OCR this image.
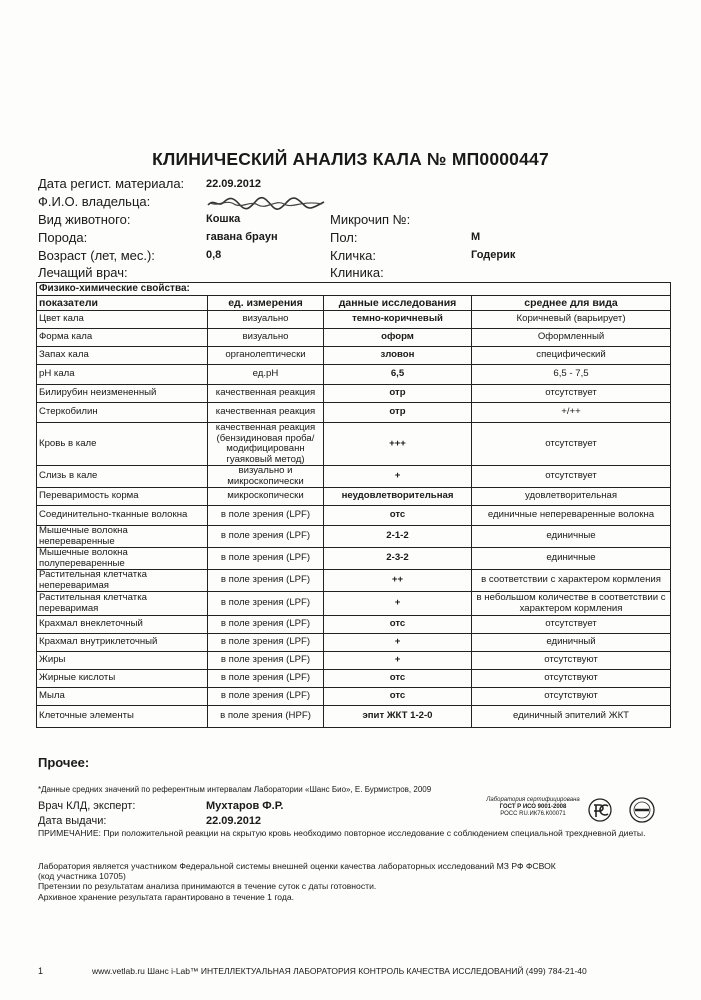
КЛИНИЧЕСКИЙ АНАЛИЗ КАЛА № МП0000447
Дата регист. материала: 22.09.2012
Ф.И.О. владельца:
Вид животного:	Кошка	Микрочип №:
Порода:	гавана браун	Пол:	М
Возраст (лет, мес.):	0,8	Кличка:	Годерик
Лечащий врач:	Клиника:
Физико-химические свойства:			
показатели	ед. измерения	данные исследования	среднее для вида
Цвет кала	визуально	темно-коричневый	Коричневый (варьирует)
Форма кала	визуально	оформ	Оформленный
Запах кала	органолептически	зловон	специфический
pH кала	ед.pH	6,5	6,5 - 7,5
Билирубин неизмененный	качественная реакция	отр	отсутствует
Стеркобилин	качественная реакция	отр	+/++
Кровь в кале	качественная реакция (бензидиновая проба/модифицированн гуаяковый метод)	+++	отсутствует
Слизь в кале	визуально и микроскопически	+	отсутствует
Переваримость корма	микроскопически	неудовлетворительная	удовлетворительная
Соединительно-тканные волокна	в поле зрения (LPF)	отс	единичные непереваренные волокна
Мышечные волокна непереваренные	в поле зрения (LPF)	2-1-2	единичные
Мышечные волокна полупереваренные	в поле зрения (LPF)	2-3-2	единичные
Растительная клетчатка непереваримая	в поле зрения (LPF)	++	в соответствии с характером кормления
Растительная клетчатка переваримая	в поле зрения (LPF)	+	в небольшом количестве в соответствии с характером кормления
Крахмал внеклеточный	в поле зрения (LPF)	отс	отсутствует
Крахмал внутриклеточный	в поле зрения (LPF)	+	единичный
Жиры	в поле зрения (LPF)	+	отсутствуют
Жирные кислоты	в поле зрения (LPF)	отс	отсутствуют
Мыла	в поле зрения (LPF)	отс	отсутствуют
Клеточные элементы	в поле зрения (HPF)	эпит ЖКТ 1-2-0	единичный эпителий ЖКТ
Прочее:
*Данные средних значений по референтным интервалам Лаборатории «Шанс Био», Е. Бурмистров, 2009
Врач КЛД, эксперт:	Мухтаров Ф.Р.
Дата выдачи:	22.09.2012
Лаборатория сертифицирована
ГОСТ Р ИСО 9001-2008
РОСС RU.ИК76.К00071
ПРИМЕЧАНИЕ: При положительной реакции на скрытую кровь необходимо повторное исследование с соблюдением специальной трехдневной диеты.
Лаборатория является участником Федеральной системы внешней оценки качества лабораторных исследований МЗ РФ ФСВОК
(код участника 10705)
Претензии по результатам анализа принимаются в течение суток с даты готовности.
Архивное хранение результата гарантировано в течение 1 года.
1	www.vetlab.ru Шанс i-Lab™ ИНТЕЛЛЕКТУАЛЬНАЯ ЛАБОРАТОРИЯ КОНТРОЛЬ КАЧЕСТВА ИССЛЕДОВАНИЙ (499) 784-21-40
